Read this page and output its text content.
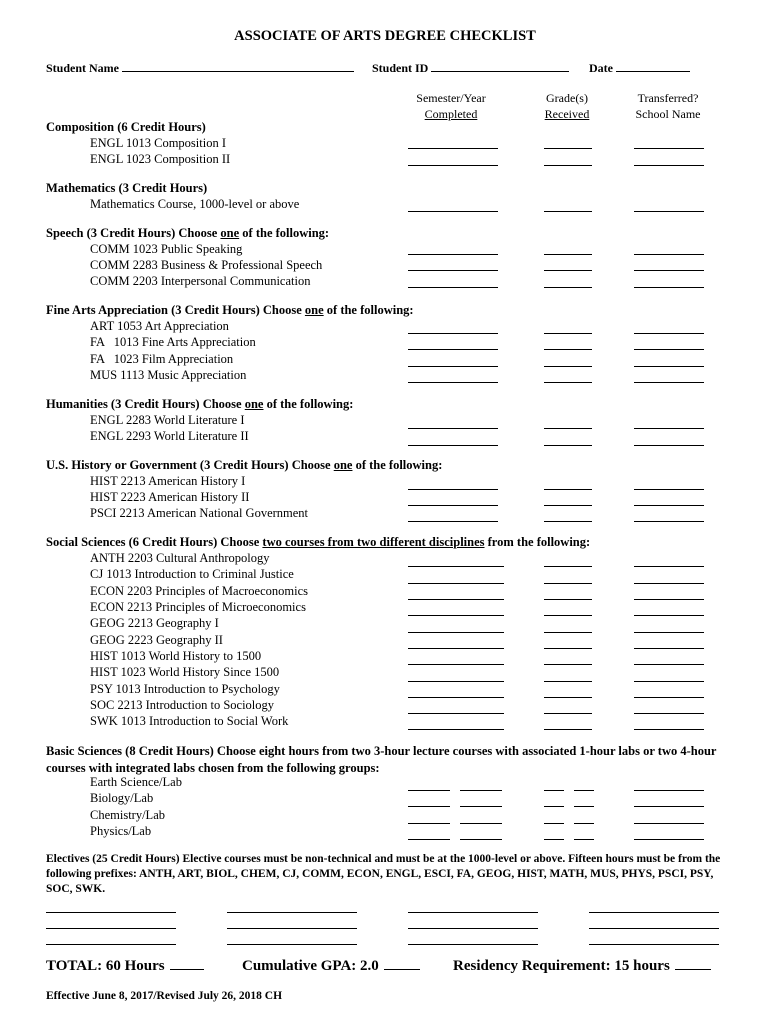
ASSOCIATE OF ARTS DEGREE CHECKLIST
Student Name	Student ID	Date
Semester/Year
Completed
Grade(s)
Received
Transferred?
School Name
Composition (6 Credit Hours)
ENGL 1013 Composition I
ENGL 1023 Composition II
Mathematics (3 Credit Hours)
Mathematics Course, 1000-level or above
Speech (3 Credit Hours) Choose one of the following:
COMM 1023 Public Speaking
COMM 2283 Business & Professional Speech
COMM 2203 Interpersonal Communication
Fine Arts Appreciation (3 Credit Hours) Choose one of the following:
ART 1053 Art Appreciation
FA   1013 Fine Arts Appreciation
FA   1023 Film Appreciation
MUS 1113 Music Appreciation
Humanities (3 Credit Hours) Choose one of the following:
ENGL 2283 World Literature I
ENGL 2293 World Literature II
U.S. History or Government (3 Credit Hours) Choose one of the following:
HIST 2213 American History I
HIST 2223 American History II
PSCI 2213 American National Government
Social Sciences (6 Credit Hours) Choose two courses from two different disciplines from the following:
ANTH 2203 Cultural Anthropology
CJ 1013 Introduction to Criminal Justice
ECON 2203 Principles of Macroeconomics
ECON 2213 Principles of Microeconomics
GEOG 2213 Geography I
GEOG 2223 Geography II
HIST 1013 World History to 1500
HIST 1023 World History Since 1500
PSY 1013 Introduction to Psychology
SOC 2213 Introduction to Sociology
SWK 1013 Introduction to Social Work
Basic Sciences (8 Credit Hours) Choose eight hours from two 3-hour lecture courses with associated 1-hour labs or two 4-hour courses with integrated labs chosen from the following groups:
Earth Science/Lab
Biology/Lab
Chemistry/Lab
Physics/Lab
Electives (25 Credit Hours) Elective courses must be non-technical and must be at the 1000-level or above. Fifteen hours must be from the following prefixes: ANTH, ART, BIOL, CHEM, CJ, COMM, ECON, ENGL, ESCI, FA, GEOG, HIST, MATH, MUS, PHYS, PSCI, PSY, SOC, SWK.
TOTAL: 60 Hours	Cumulative GPA: 2.0	Residency Requirement: 15 hours
Effective June 8, 2017/Revised July 26, 2018 CH
